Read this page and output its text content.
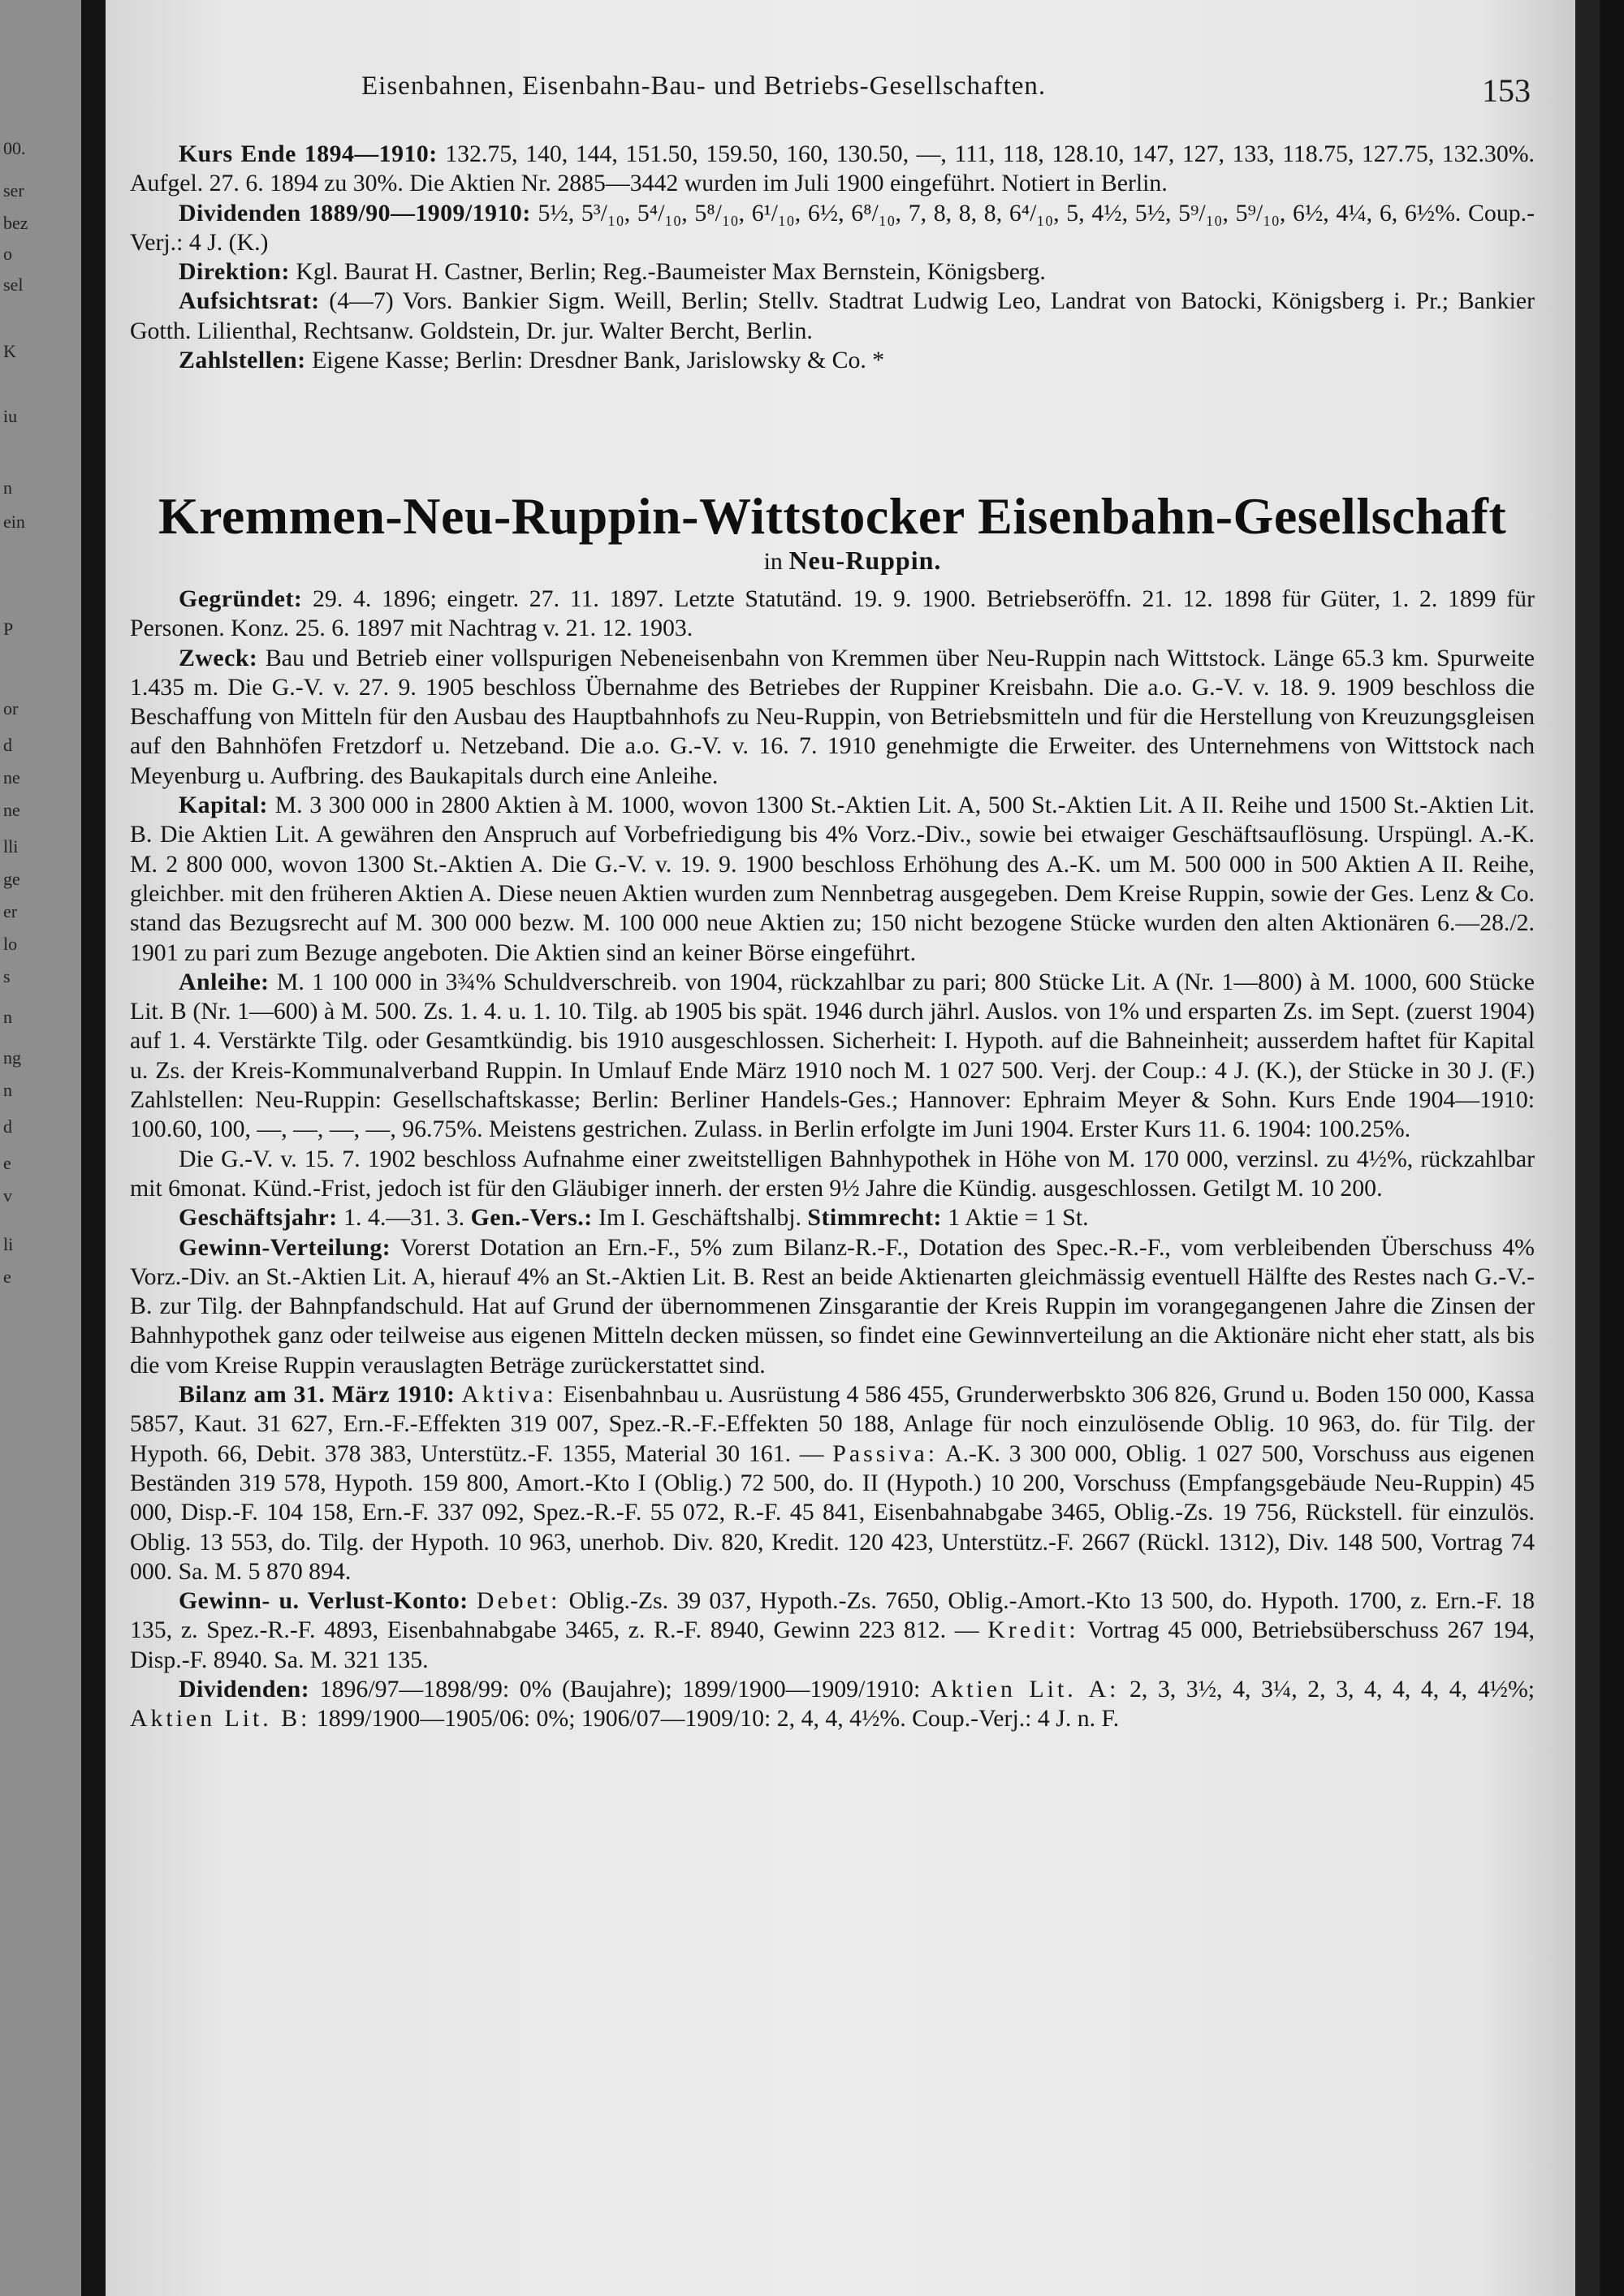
00.
ser
bez
o
sel
K
iu
n
ein
P
or
d
ne
ne
lli
ge
er
lo
s
n
ng
n
d
e
v
li
e
Eisenbahnen, Eisenbahn-Bau- und Betriebs-Gesellschaften.	153

Kurs Ende 1894—1910: 132.75, 140, 144, 151.50, 159.50, 160, 130.50, —, 111, 118, 128.10, 147, 127, 133, 118.75, 127.75, 132.30%. Aufgel. 27. 6. 1894 zu 30%. Die Aktien Nr. 2885—3442 wurden im Juli 1900 eingeführt. Notiert in Berlin.

Dividenden 1889/90—1909/1910: 5½, 5³/₁₀, 5⁴/₁₀, 5⁸/₁₀, 6¹/₁₀, 6½, 6⁸/₁₀, 7, 8, 8, 8, 6⁴/₁₀, 5, 4½, 5½, 5⁹/₁₀, 5⁹/₁₀, 6½, 4¼, 6, 6½%. Coup.-Verj.: 4 J. (K.)

Direktion: Kgl. Baurat H. Castner, Berlin; Reg.-Baumeister Max Bernstein, Königsberg.

Aufsichtsrat: (4—7) Vors. Bankier Sigm. Weill, Berlin; Stellv. Stadtrat Ludwig Leo, Landrat von Batocki, Königsberg i. Pr.; Bankier Gotth. Lilienthal, Rechtsanw. Goldstein, Dr. jur. Walter Bercht, Berlin.

Zahlstellen: Eigene Kasse; Berlin: Dresdner Bank, Jarislowsky & Co. *

Kremmen-Neu-Ruppin-Wittstocker Eisenbahn-Gesellschaft
in Neu-Ruppin.

Gegründet: 29. 4. 1896; eingetr. 27. 11. 1897. Letzte Statutänd. 19. 9. 1900. Betriebseröffn. 21. 12. 1898 für Güter, 1. 2. 1899 für Personen. Konz. 25. 6. 1897 mit Nachtrag v. 21. 12. 1903.

Zweck: Bau und Betrieb einer vollspurigen Nebeneisenbahn von Kremmen über Neu-Ruppin nach Wittstock. Länge 65.3 km. Spurweite 1.435 m. Die G.-V. v. 27. 9. 1905 beschloss Übernahme des Betriebes der Ruppiner Kreisbahn. Die a.o. G.-V. v. 18. 9. 1909 beschloss die Beschaffung von Mitteln für den Ausbau des Hauptbahnhofs zu Neu-Ruppin, von Betriebsmitteln und für die Herstellung von Kreuzungsgleisen auf den Bahnhöfen Fretzdorf u. Netzeband. Die a.o. G.-V. v. 16. 7. 1910 genehmigte die Erweiter. des Unternehmens von Wittstock nach Meyenburg u. Aufbring. des Baukapitals durch eine Anleihe.

Kapital: M. 3 300 000 in 2800 Aktien à M. 1000, wovon 1300 St.-Aktien Lit. A, 500 St.-Aktien Lit. A II. Reihe und 1500 St.-Aktien Lit. B. Die Aktien Lit. A gewähren den Anspruch auf Vorbefriedigung bis 4% Vorz.-Div., sowie bei etwaiger Geschäftsauflösung. Urspüngl. A.-K. M. 2 800 000, wovon 1300 St.-Aktien A. Die G.-V. v. 19. 9. 1900 beschloss Erhöhung des A.-K. um M. 500 000 in 500 Aktien A II. Reihe, gleichber. mit den früheren Aktien A. Diese neuen Aktien wurden zum Nennbetrag ausgegeben. Dem Kreise Ruppin, sowie der Ges. Lenz & Co. stand das Bezugsrecht auf M. 300 000 bezw. M. 100 000 neue Aktien zu; 150 nicht bezogene Stücke wurden den alten Aktionären 6.—28./2. 1901 zu pari zum Bezuge angeboten. Die Aktien sind an keiner Börse eingeführt.

Anleihe: M. 1 100 000 in 3¾% Schuldverschreib. von 1904, rückzahlbar zu pari; 800 Stücke Lit. A (Nr. 1—800) à M. 1000, 600 Stücke Lit. B (Nr. 1—600) à M. 500. Zs. 1. 4. u. 1. 10. Tilg. ab 1905 bis spät. 1946 durch jährl. Auslos. von 1% und ersparten Zs. im Sept. (zuerst 1904) auf 1. 4. Verstärkte Tilg. oder Gesamtkündig. bis 1910 ausgeschlossen. Sicherheit: I. Hypoth. auf die Bahneinheit; ausserdem haftet für Kapital u. Zs. der Kreis-Kommunalverband Ruppin. In Umlauf Ende März 1910 noch M. 1 027 500. Verj. der Coup.: 4 J. (K.), der Stücke in 30 J. (F.) Zahlstellen: Neu-Ruppin: Gesellschaftskasse; Berlin: Berliner Handels-Ges.; Hannover: Ephraim Meyer & Sohn. Kurs Ende 1904—1910: 100.60, 100, —, —, —, —, 96.75%. Meistens gestrichen. Zulass. in Berlin erfolgte im Juni 1904. Erster Kurs 11. 6. 1904: 100.25%.

Die G.-V. v. 15. 7. 1902 beschloss Aufnahme einer zweitstelligen Bahnhypothek in Höhe von M. 170 000, verzinsl. zu 4½%, rückzahlbar mit 6monat. Künd.-Frist, jedoch ist für den Gläubiger innerh. der ersten 9½ Jahre die Kündig. ausgeschlossen. Getilgt M. 10 200.

Geschäftsjahr: 1. 4.—31. 3. Gen.-Vers.: Im I. Geschäftshalbj. Stimmrecht: 1 Aktie = 1 St.

Gewinn-Verteilung: Vorerst Dotation an Ern.-F., 5% zum Bilanz-R.-F., Dotation des Spec.-R.-F., vom verbleibenden Überschuss 4% Vorz.-Div. an St.-Aktien Lit. A, hierauf 4% an St.-Aktien Lit. B. Rest an beide Aktienarten gleichmässig eventuell Hälfte des Restes nach G.-V.-B. zur Tilg. der Bahnpfandschuld. Hat auf Grund der übernommenen Zinsgarantie der Kreis Ruppin im vorangegangenen Jahre die Zinsen der Bahnhypothek ganz oder teilweise aus eigenen Mitteln decken müssen, so findet eine Gewinnverteilung an die Aktionäre nicht eher statt, als bis die vom Kreise Ruppin verauslagten Beträge zurückerstattet sind.

Bilanz am 31. März 1910: Aktiva: Eisenbahnbau u. Ausrüstung 4 586 455, Grunderwerbskto 306 826, Grund u. Boden 150 000, Kassa 5857, Kaut. 31 627, Ern.-F.-Effekten 319 007, Spez.-R.-F.-Effekten 50 188, Anlage für noch einzulösende Oblig. 10 963, do. für Tilg. der Hypoth. 66, Debit. 378 383, Unterstütz.-F. 1355, Material 30 161. — Passiva: A.-K. 3 300 000, Oblig. 1 027 500, Vorschuss aus eigenen Beständen 319 578, Hypoth. 159 800, Amort.-Kto I (Oblig.) 72 500, do. II (Hypoth.) 10 200, Vorschuss (Empfangsgebäude Neu-Ruppin) 45 000, Disp.-F. 104 158, Ern.-F. 337 092, Spez.-R.-F. 55 072, R.-F. 45 841, Eisenbahnabgabe 3465, Oblig.-Zs. 19 756, Rückstell. für einzulös. Oblig. 13 553, do. Tilg. der Hypoth. 10 963, unerhob. Div. 820, Kredit. 120 423, Unterstütz.-F. 2667 (Rückl. 1312), Div. 148 500, Vortrag 74 000. Sa. M. 5 870 894.

Gewinn- u. Verlust-Konto: Debet: Oblig.-Zs. 39 037, Hypoth.-Zs. 7650, Oblig.-Amort.-Kto 13 500, do. Hypoth. 1700, z. Ern.-F. 18 135, z. Spez.-R.-F. 4893, Eisenbahnabgabe 3465, z. R.-F. 8940, Gewinn 223 812. — Kredit: Vortrag 45 000, Betriebsüberschuss 267 194, Disp.-F. 8940. Sa. M. 321 135.

Dividenden: 1896/97—1898/99: 0% (Baujahre); 1899/1900—1909/1910: Aktien Lit. A: 2, 3, 3½, 4, 3¼, 2, 3, 4, 4, 4, 4, 4½%; Aktien Lit. B: 1899/1900—1905/06: 0%; 1906/07—1909/10: 2, 4, 4, 4½%. Coup.-Verj.: 4 J. n. F.
